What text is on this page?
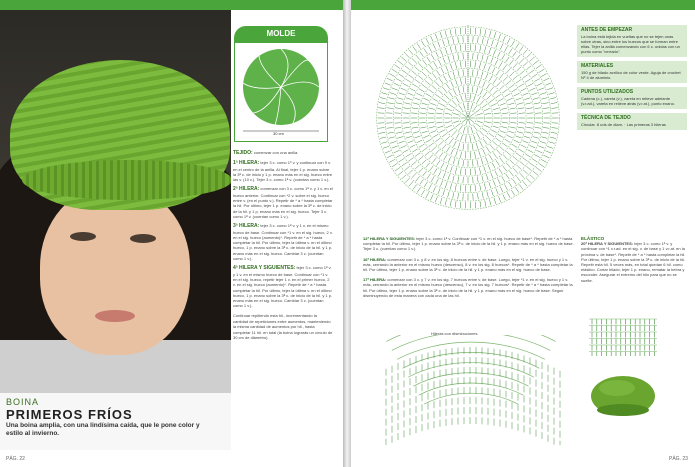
BOINA
PRIMEROS FRÍOS
Una boina amplia, con una lindísima caída, que le pone color y estilo al invierno.
PÁG. 22
MOLDE
30 cm

TEJIDO: comenzar con una anilla.

1ª HILERA: tejer 3 c. como 1º v. y continuar con 9 v. en el centro de la anilla. Al final, tejer 1 p. enano sobre la 3ª c. de inicio y 1 p. enano más en el sig. hueco entre las v. (10 v.). Tejer 3 c. como 1ª v. (cuentan como 1 v.).

2ª HILERA: comenzar con 3 c. como 1ª v. y 1 v. en el hueco anterior. Continuar con *2 v. sobre el sig. hueco entre v. (en el punto v.). Repetir de * a * hasta completar la hil. Por último, tejer 1 p. enano sobre la 3ª c. de inicio de la hil. y 1 p. enano más en el sig. hueco. Tejer 3 c. como 1ª v. (cuentan como 1 v.).

3ª HILERA: tejer 3 c. como 1ª v. y 1 v. en el mismo hueco de base. Continuar con *1 v. en el sig. hueco, 2 v. en el sig. hueco (aumento)*. Repetir de * a * hasta completar la hil. Por último, tejer la última v. en el último hueco, 1 p. enano sobre la 3ª c. de inicio de la hil. y 1 p. enano más en el sig. hueco. Cambiar 3 c. (cuentan como 1 v.).

4ª HILERA Y SIGUIENTES: tejer 3 c. como 1ª v. y 1 v. en el mismo hueco de base. Continuar con *1 v. en el sig. hueco, repetir tejer 1 v. en el primer hueco, 2 v. en el sig. hueco (aumento)*. Repetir de * a * hasta completar la hil. Por último, tejer la última v. en el último hueco, 1 p. enano sobre la 3ª c. de inicio de la hil. y 1 p. enano más en el sig. hueco. Cambiar 3 c. (cuentan como 1 v.).

Continuar repitiendo esta hil., incrementando la cantidad de repeticiones entre aumentos, manteniendo la misma cantidad de aumentos por hil., hasta completar 11 hil. en total (la boina lograrás un círculo de 30 cm de diámetro).

ANTES DE EMPEZAR
La boina está tejida en vueltas que no se tejen unas sobre otras, sino entre los huecos que se forman entre ellas. Tejer la anilla comenzando con 6 c. unidas con un punto como "cerrado".
MATERIALES
150 g de hilado acrílico de color verde. Aguja de crochet Nº 4 de aluminio.
PUNTOS UTILIZADOS
Cadena (c.), vareta (v.), vareta en relieve adelante (v.r.ad.), vareta en relieve atrás (v.r.at.), punto enano.
TÉCNICA DE TEJIDO
Circular. 8 uds de diam. · Las primeras 3 hileras

12ª HILERA Y SIGUIENTES: tejer 3 c. como 1ª v. Continuar con *1 v. en el sig. hueco de base*. Repetir de * a * hasta completar la hil. Por último, tejer 1 p. enano sobre la 3ª c. de inicio de la hil. y 1 p. enano más en el sig. hueco de base. Tejer 3 c. (cuentan como 1 v.).

16ª HILERA: comenzar con 3 c. y 8 v. en los sig. 8 huecos entre v. de base. Luego, tejer *1 v. en el sig. hueco y 1 v. más, cerrando la anterior en el mismo hueco (descenso), 8 v. en los sig. 8 huecos*. Repetir de * a * hasta completar la hil. Por último, tejer 1 p. enano sobre la 3ª c. de inicio de la hil. y 1 p. enano más en el sig. hueco de base.

17ª HILERA: comenzar con 3 c. y 7 v. en los sig. 7 huecos entre v. de base. Luego, tejer *1 v. en el sig. hueco y 1 v. más, cerrando la anterior en el mismo hueco (descenso), 7 v. en los sig. 7 huecos*. Repetir de * a * hasta completar la hil. Por último, tejer 1 p. enano sobre la 3ª c. de inicio de la hil. y 1 p. enano más en el sig. hueco de base. Seguir disminuyendo de esta manera con cada una de las hil.

Hileras con disminuciones
ELÁSTICO
20ª HILERA Y SIGUIENTES: tejer 3 c. como 1ª v. y continuar con *1 v.r.ad. en el sig. v. de base y 1 v.r.at. en la próxima v. de base*. Repetir de * a * hasta completar la hil. Por último, tejer 1 p. enano sobre la 3ª c. de inicio de la hil. Repetir esta hil. 5 veces más, en total quedan 6 hil. como elástico. Cortar hilado, tejer 1 p. enano, rematar la hebra y esconder. Asegurar el extremo del hilo para que no se suelte.
PÁG. 23
